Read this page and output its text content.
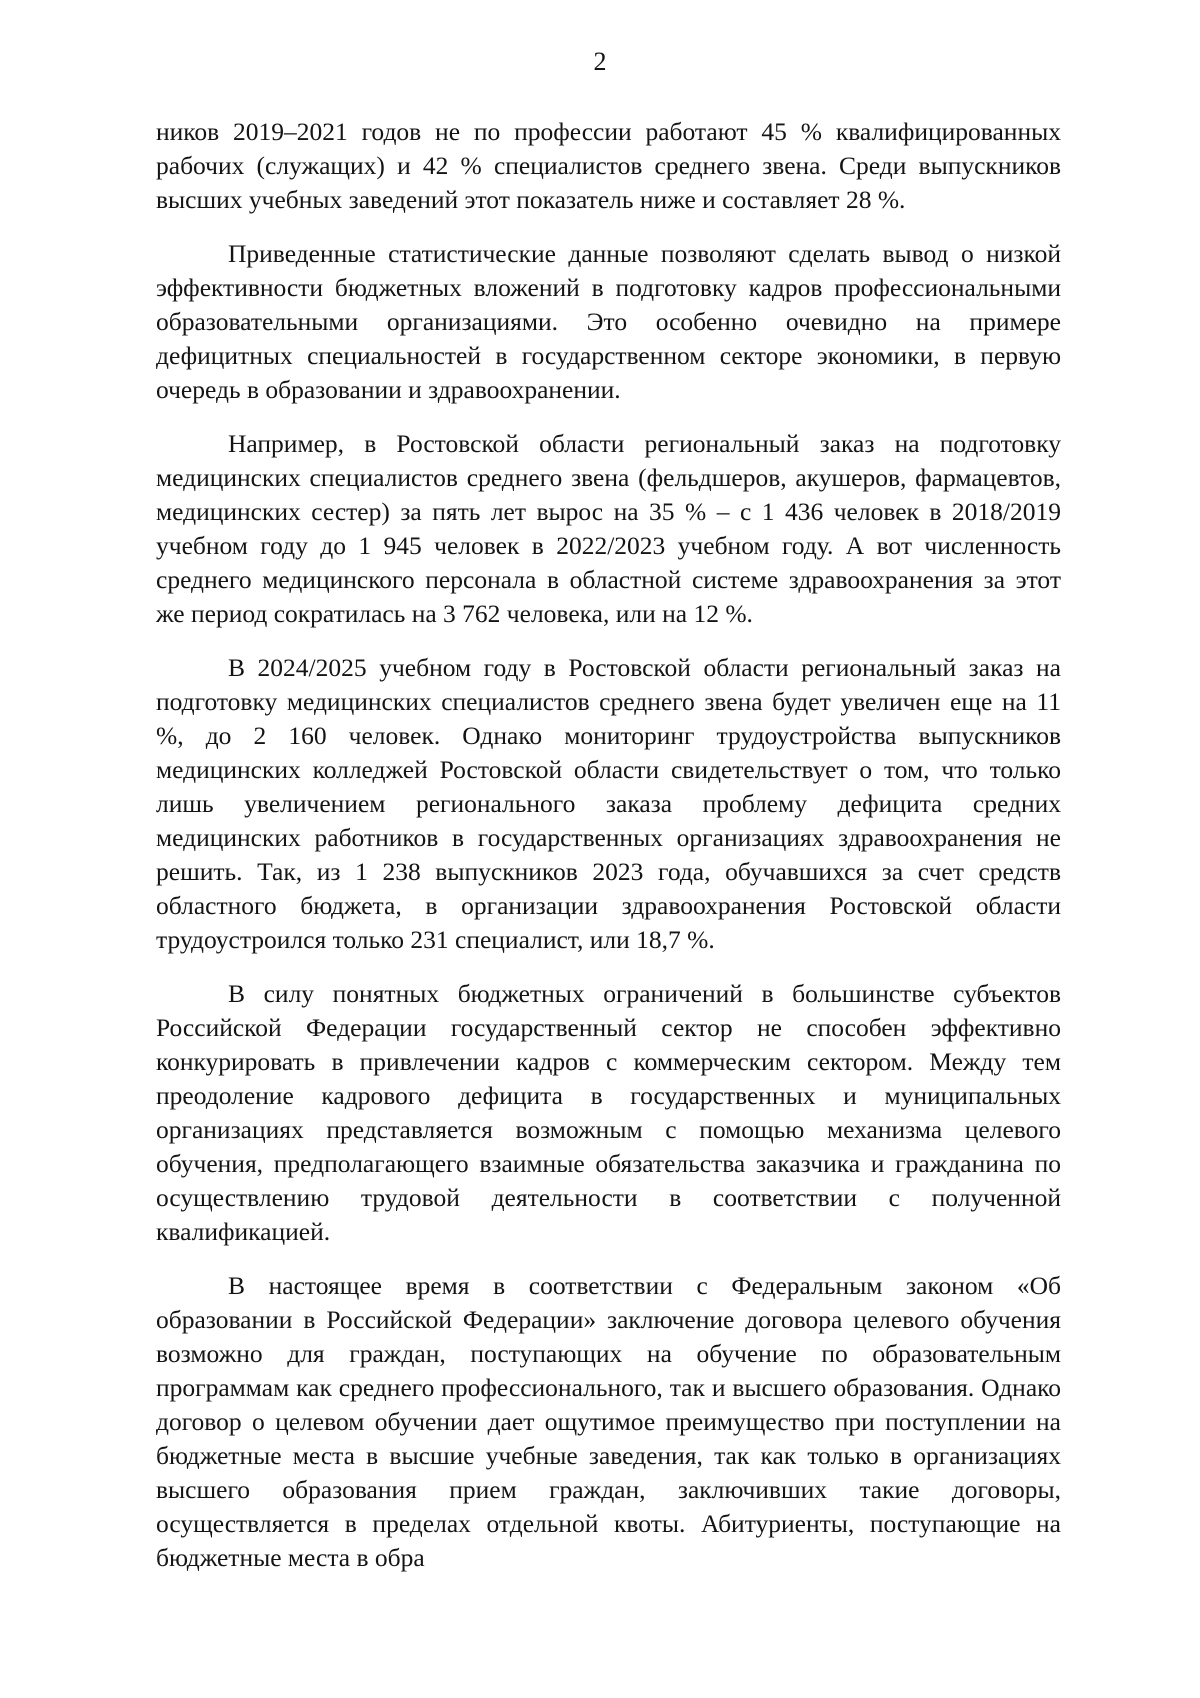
2

ников 2019–2021 годов не по профессии работают 45 % квалифицированных рабочих (служащих) и 42 % специалистов среднего звена. Среди выпускников высших учебных заведений этот показатель ниже и составляет 28 %.

Приведенные статистические данные позволяют сделать вывод о низкой эффективности бюджетных вложений в подготовку кадров профессиональными образовательными организациями. Это особенно очевидно на примере дефицитных специальностей в государственном секторе экономики, в первую очередь в образовании и здравоохранении.

Например, в Ростовской области региональный заказ на подготовку медицинских специалистов среднего звена (фельдшеров, акушеров, фармацевтов, медицинских сестер) за пять лет вырос на 35 % – с 1 436 человек в 2018/2019 учебном году до 1 945 человек в 2022/2023 учебном году. А вот численность среднего медицинского персонала в областной системе здравоохранения за этот же период сократилась на 3 762 человека, или на 12 %.

В 2024/2025 учебном году в Ростовской области региональный заказ на подготовку медицинских специалистов среднего звена будет увеличен еще на 11 %, до 2 160 человек. Однако мониторинг трудоустройства выпускников медицинских колледжей Ростовской области свидетельствует о том, что только лишь увеличением регионального заказа проблему дефицита средних медицинских работников в государственных организациях здравоохранения не решить. Так, из 1 238 выпускников 2023 года, обучавшихся за счет средств областного бюджета, в организации здравоохранения Ростовской области трудоустроился только 231 специалист, или 18,7 %.

В силу понятных бюджетных ограничений в большинстве субъектов Российской Федерации государственный сектор не способен эффективно конкурировать в привлечении кадров с коммерческим сектором. Между тем преодоление кадрового дефицита в государственных и муниципальных организациях представляется возможным с помощью механизма целевого обучения, предполагающего взаимные обязательства заказчика и гражданина по осуществлению трудовой деятельности в соответствии с полученной квалификацией.

В настоящее время в соответствии с Федеральным законом «Об образовании в Российской Федерации» заключение договора целевого обучения возможно для граждан, поступающих на обучение по образовательным программам как среднего профессионального, так и высшего образования. Однако договор о целевом обучении дает ощутимое преимущество при поступлении на бюджетные места в высшие учебные заведения, так как только в организациях высшего образования прием граждан, заключивших такие договоры, осуществляется в пределах отдельной квоты. Абитуриенты, поступающие на бюджетные места в обра
